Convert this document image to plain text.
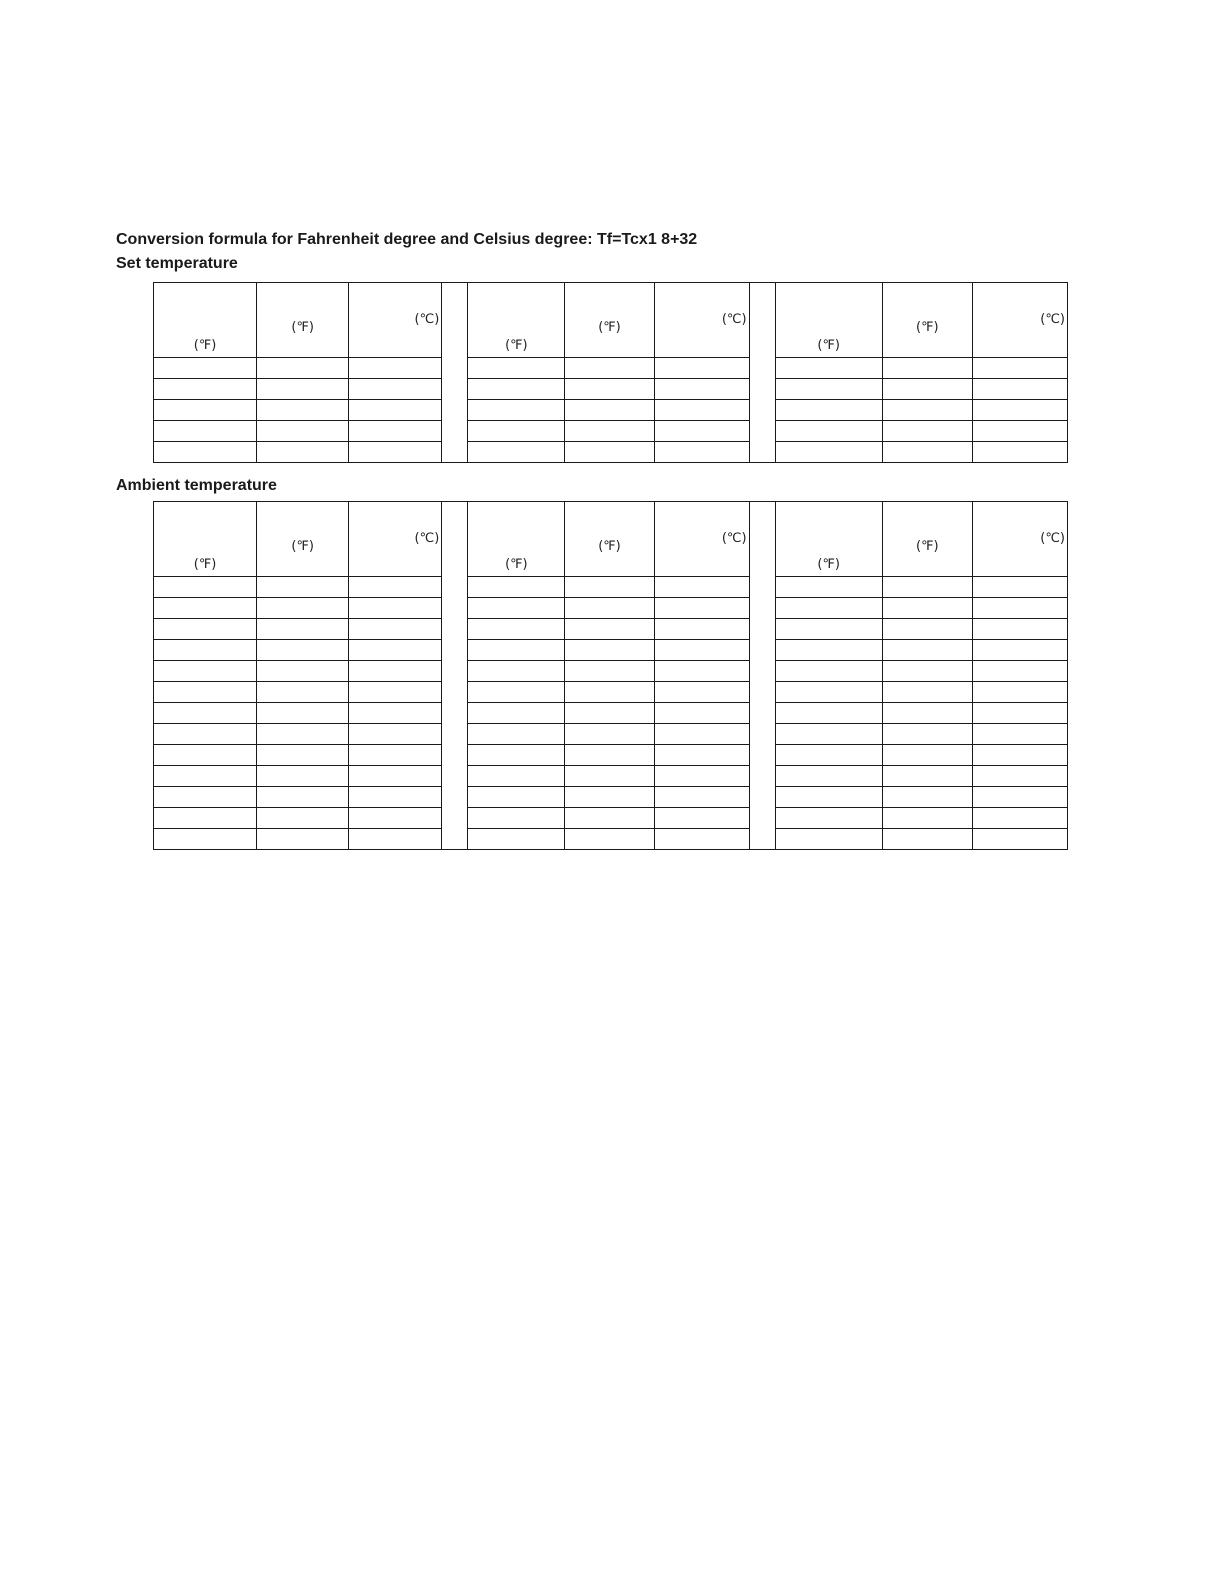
Conversion formula for Fahrenheit degree and Celsius degree: Tf=Tcx1 8+32

Set temperature

(℉)	(℉)	(℃)		(℉)	(℉)	(℃)		(℉)	(℉)	(℃)

Ambient temperature

(℉)	(℉)	(℃)		(℉)	(℉)	(℃)		(℉)	(℉)	(℃)
